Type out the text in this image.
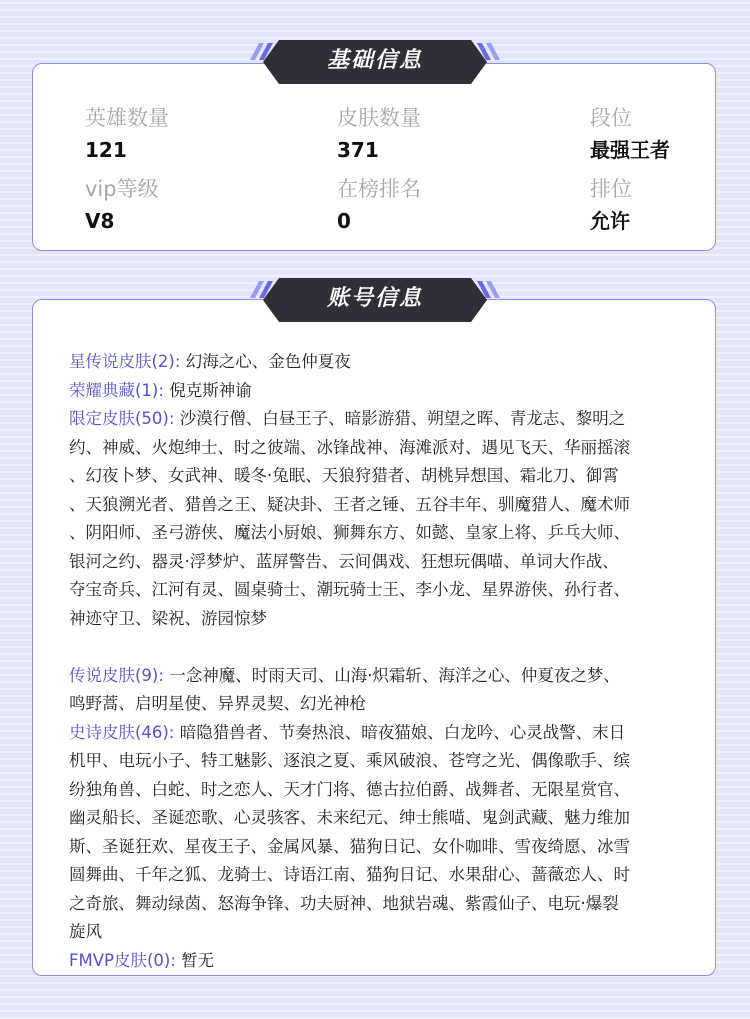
英雄数量
121
皮肤数量
371
段位
最强王者
vip等级
V8
在榜排名
0
排位
允许
星传说皮肤(2): 幻海之心、金色仲夏夜
荣耀典藏(1): 倪克斯神谕
限定皮肤(50): 沙漠行僧、白昼王子、暗影游猎、朔望之晖、青龙志、黎明之
约、神威、火炮绅士、时之彼端、冰锋战神、海滩派对、遇见飞天、华丽摇滚
、幻夜卜梦、女武神、暖冬·兔眠、天狼狩猎者、胡桃异想国、霜北刀、御霄
、天狼溯光者、猎兽之王、疑决卦、王者之锤、五谷丰年、驯魔猎人、魔术师
、阴阳师、圣弓游侠、魔法小厨娘、狮舞东方、如懿、皇家上将、乒乓大师、
银河之约、器灵·浮梦炉、蓝屏警告、云间偶戏、狂想玩偶喵、单词大作战、
夺宝奇兵、江河有灵、圆桌骑士、潮玩骑士王、李小龙、星界游侠、孙行者、
神迹守卫、梁祝、游园惊梦
传说皮肤(9): 一念神魔、时雨天司、山海·炽霜斩、海洋之心、仲夏夜之梦、
鸣野蒿、启明星使、异界灵契、幻光神枪
史诗皮肤(46): 暗隐猎兽者、节奏热浪、暗夜猫娘、白龙吟、心灵战警、末日
机甲、电玩小子、特工魅影、逐浪之夏、乘风破浪、苍穹之光、偶像歌手、缤
纷独角兽、白蛇、时之恋人、天才门将、德古拉伯爵、战舞者、无限星赏官、
幽灵船长、圣诞恋歌、心灵骇客、未来纪元、绅士熊喵、鬼剑武藏、魅力维加
斯、圣诞狂欢、星夜王子、金属风暴、猫狗日记、女仆咖啡、雪夜绮愿、冰雪
圆舞曲、千年之狐、龙骑士、诗语江南、猫狗日记、水果甜心、蔷薇恋人、时
之奇旅、舞动绿茵、怒海争锋、功夫厨神、地狱岩魂、紫霞仙子、电玩·爆裂
旋风
FMVP皮肤(0): 暂无
基础信息
账号信息
